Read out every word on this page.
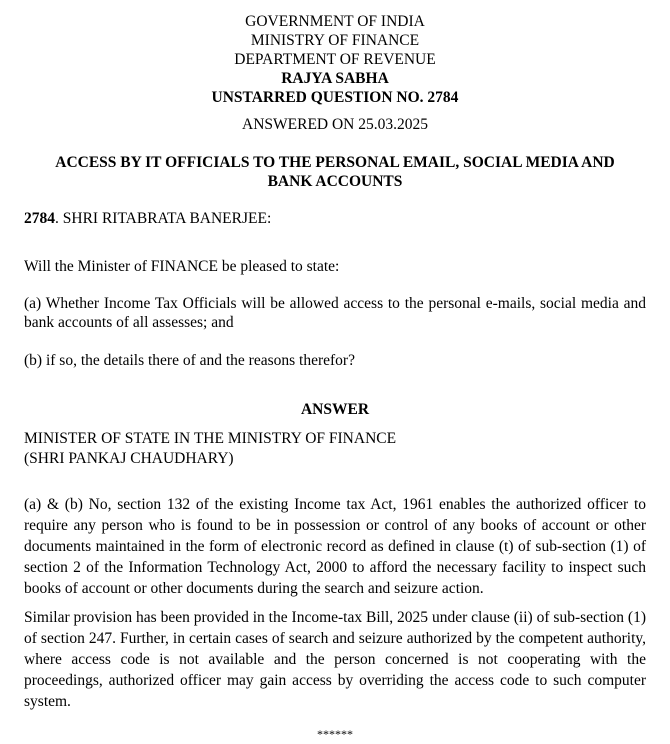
GOVERNMENT OF INDIA
MINISTRY OF FINANCE
DEPARTMENT OF REVENUE
RAJYA SABHA
UNSTARRED QUESTION NO. 2784
ANSWERED ON 25.03.2025
ACCESS BY IT OFFICIALS TO THE PERSONAL EMAIL, SOCIAL MEDIA AND BANK ACCOUNTS
2784. SHRI RITABRATA BANERJEE:
Will the Minister of FINANCE be pleased to state:
(a) Whether Income Tax Officials will be allowed access to the personal e-mails, social media and bank accounts of all assesses; and
(b) if so, the details there of and the reasons therefor?
ANSWER
MINISTER OF STATE IN THE MINISTRY OF FINANCE
(SHRI PANKAJ CHAUDHARY)
(a) & (b) No, section 132 of the existing Income tax Act, 1961 enables the authorized officer to require any person who is found to be in possession or control of any books of account or other documents maintained in the form of electronic record as defined in clause (t) of sub-section (1) of section 2 of the Information Technology Act, 2000 to afford the necessary facility to inspect such books of account or other documents during the search and seizure action.
Similar provision has been provided in the Income-tax Bill, 2025 under clause (ii) of sub-section (1) of section 247. Further, in certain cases of search and seizure authorized by the competent authority, where access code is not available and the person concerned is not cooperating with the proceedings, authorized officer may gain access by overriding the access code to such computer system.
******
